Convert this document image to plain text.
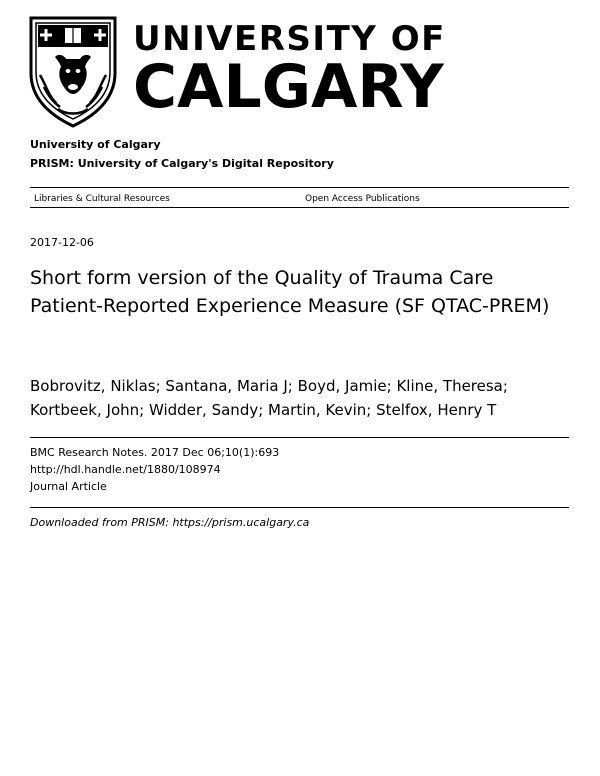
UNIVERSITY OF
CALGARY
University of Calgary
PRISM: University of Calgary's Digital Repository
Libraries & Cultural Resources	Open Access Publications
2017-12-06
Short form version of the Quality of Trauma Care Patient-Reported Experience Measure (SF QTAC-PREM)
Bobrovitz, Niklas; Santana, Maria J; Boyd, Jamie; Kline, Theresa; Kortbeek, John; Widder, Sandy; Martin, Kevin; Stelfox, Henry T
BMC Research Notes. 2017 Dec 06;10(1):693
http://hdl.handle.net/1880/108974
Journal Article
Downloaded from PRISM: https://prism.ucalgary.ca
